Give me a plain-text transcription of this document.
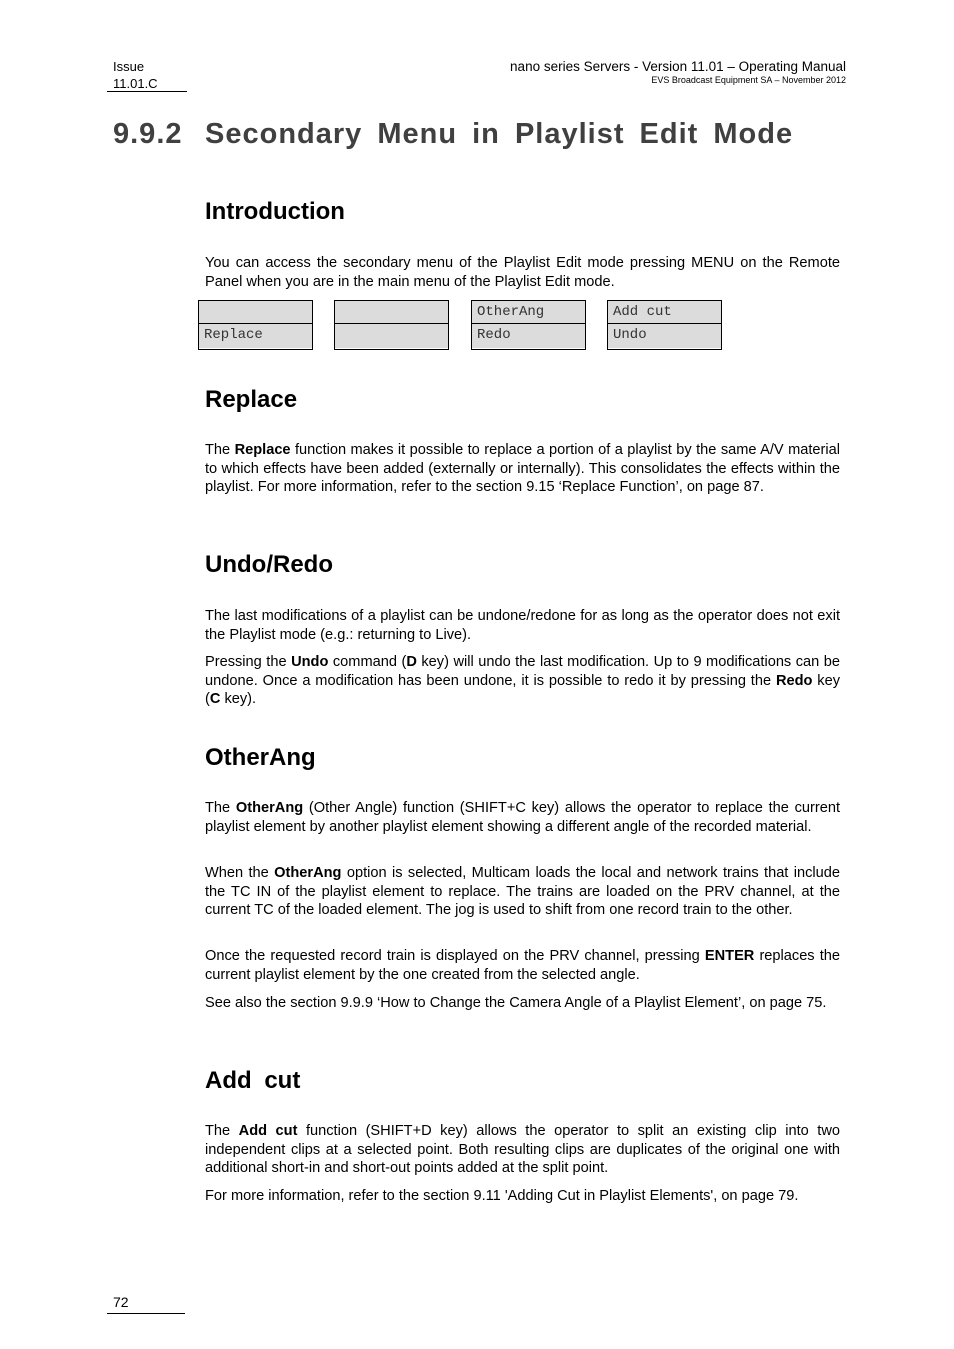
Issue
11.01.C
nano series Servers - Version 11.01 – Operating Manual
EVS Broadcast Equipment SA – November 2012
9.9.2 Secondary Menu in Playlist Edit Mode
Introduction

You can access the secondary menu of the Playlist Edit mode pressing MENU on the Remote Panel when you are in the main menu of the Playlist Edit mode.

Replace
OtherAng
Redo
Add cut
Undo
Replace

The Replace function makes it possible to replace a portion of a playlist by the same A/V material to which effects have been added (externally or internally). This consolidates the effects within the playlist. For more information, refer to the section 9.15 ‘Replace Function’, on page 87.

Undo/Redo

The last modifications of a playlist can be undone/redone for as long as the operator does not exit the Playlist mode (e.g.: returning to Live).

Pressing the Undo command (D key) will undo the last modification. Up to 9 modifications can be undone. Once a modification has been undone, it is possible to redo it by pressing the Redo key (C key).

OtherAng

The OtherAng (Other Angle) function (SHIFT+C key) allows the operator to replace the current playlist element by another playlist element showing a different angle of the recorded material.

When the OtherAng option is selected, Multicam loads the local and network trains that include the TC IN of the playlist element to replace. The trains are loaded on the PRV channel, at the current TC of the loaded element. The jog is used to shift from one record train to the other.

Once the requested record train is displayed on the PRV channel, pressing ENTER replaces the current playlist element by the one created from the selected angle.

See also the section 9.9.9 ‘How to Change the Camera Angle of a Playlist Element’, on page 75.

Add cut

The Add cut function (SHIFT+D key) allows the operator to split an existing clip into two independent clips at a selected point. Both resulting clips are duplicates of the original one with additional short-in and short-out points added at the split point.

For more information, refer to the section 9.11 'Adding Cut in Playlist Elements', on page 79.

72
